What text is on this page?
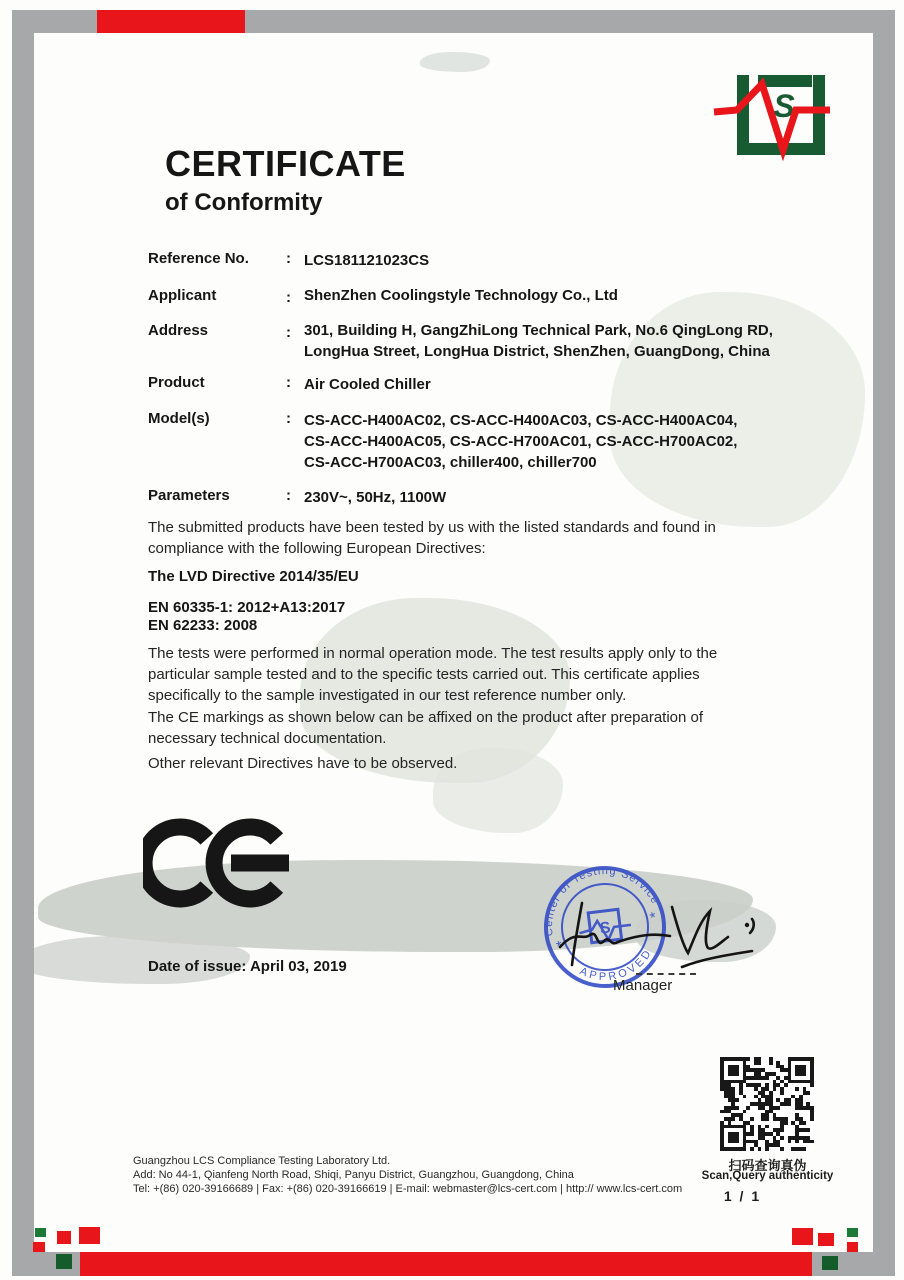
S
CERTIFICATE
of Conformity
Reference No.	: LCS181121023CS
Applicant	: ShenZhen Coolingstyle Technology Co., Ltd
Address	: 301, Building H, GangZhiLong Technical Park, No.6 QingLong RD, LongHua Street, LongHua District, ShenZhen, GuangDong, China
Product	: Air Cooled Chiller
Model(s)	: CS-ACC-H400AC02, CS-ACC-H400AC03, CS-ACC-H400AC04, CS-ACC-H400AC05, CS-ACC-H700AC01, CS-ACC-H700AC02, CS-ACC-H700AC03, chiller400, chiller700
Parameters	: 230V~, 50Hz, 1100W
The submitted products have been tested by us with the listed standards and found in compliance with the following European Directives:
The LVD Directive 2014/35/EU
EN 60335-1: 2012+A13:2017
EN 62233: 2008
The tests were performed in normal operation mode. The test results apply only to the particular sample tested and to the specific tests carried out. This certificate applies specifically to the sample investigated in our test reference number only.
The CE markings as shown below can be affixed on the product after preparation of necessary technical documentation.
Other relevant Directives have to be observed.
Date of issue: April 03, 2019
Center of Testing Service
APPROVED
*
*
S
Manager
扫码查询真伪
Scan,Query authenticity
1 / 1
Guangzhou LCS Compliance Testing Laboratory Ltd.
Add: No 44-1, Qianfeng North Road, Shiqi, Panyu District, Guangzhou, Guangdong, China
Tel: +(86) 020-39166689 | Fax: +(86) 020-39166619 | E-mail: webmaster@lcs-cert.com | http:// www.lcs-cert.com
